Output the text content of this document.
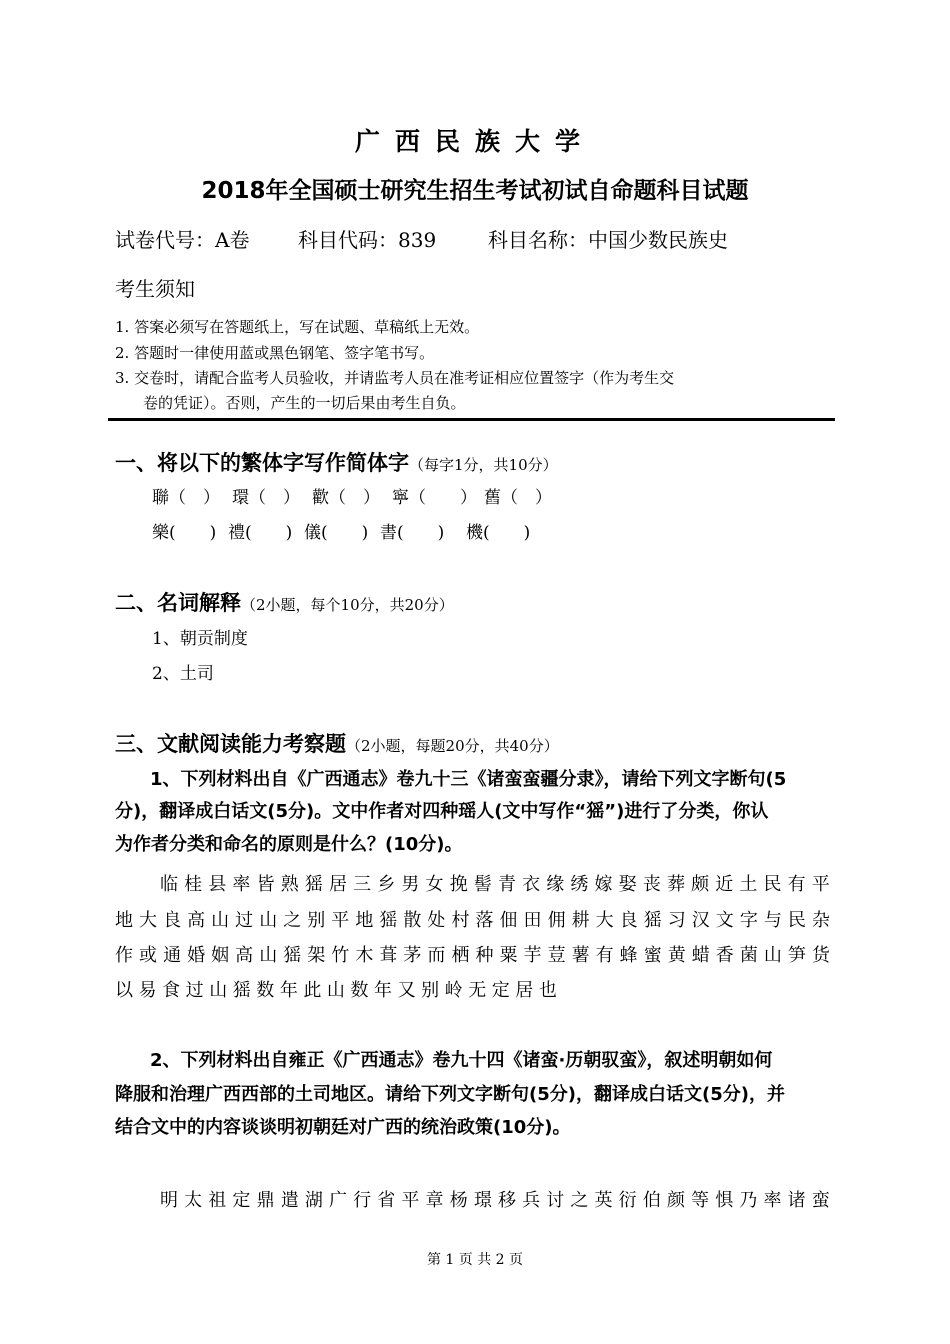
广西民族大学
2018年全国硕士研究生招生考试初试自命题科目试题
试卷代号：A卷 科目代码：839	科目名称：中国少数民族史
考生须知
1. 答案必须写在答题纸上，写在试题、草稿纸上无效。
2. 答题时一律使用蓝或黑色钢笔、签字笔书写。
3. 交卷时，请配合监考人员验收，并请监考人员在准考证相应位置签字（作为考生交
卷的凭证）。否则，产生的一切后果由考生自负。
一、将以下的繁体字写作简体字（每字1分，共10分）
聯（　） 環（　） 歡（　） 寧（　　） 舊（　）
樂(　　) 禮(　　) 儀(　　) 書(　　) 機(　　)
二、名词解释（2小题，每个10分，共20分）
1、朝贡制度
2、土司
三、文献阅读能力考察题（2小题，每题20分，共40分）
1、下列材料出自《广西通志》卷九十三《诸蛮蛮疆分隶》，请给下列文字断句(5
分)，翻译成白话文(5分)。文中作者对四种瑶人(文中写作“猺”)进行了分类，你认
为作者分类和命名的原则是什么？(10分)。
临 桂 县 率 皆 熟 猺 居 三 乡 男 女 挽 髻 青 衣 缘 绣 嫁 娶 丧 葬 颇 近 土 民 有 平
地 大 良 高 山 过 山 之 别 平 地 猺 散 处 村 落 佃 田 佣 耕 大 良 猺 习 汉 文 字 与 民 杂
作 或 通 婚 姻 高 山 猺 架 竹 木 葺 茅 而 栖 种 粟 芋 荳 薯 有 蜂 蜜 黄 蜡 香 菌 山 笋 货
以 易 食 过 山 猺 数 年 此 山 数 年 又 别 岭 无 定 居 也
2、下列材料出自雍正《广西通志》卷九十四《诸蛮·历朝驭蛮》，叙述明朝如何
降服和治理广西西部的土司地区。请给下列文字断句(5分)，翻译成白话文(5分)，并
结合文中的内容谈谈明初朝廷对广西的统治政策(10分)。
明 太 祖 定 鼎 遣 湖 广 行 省 平 章 杨 璟 移 兵 讨 之 英 衍 伯 颜 等 惧 乃 率 诸 蛮
第 1 页 共 2 页
